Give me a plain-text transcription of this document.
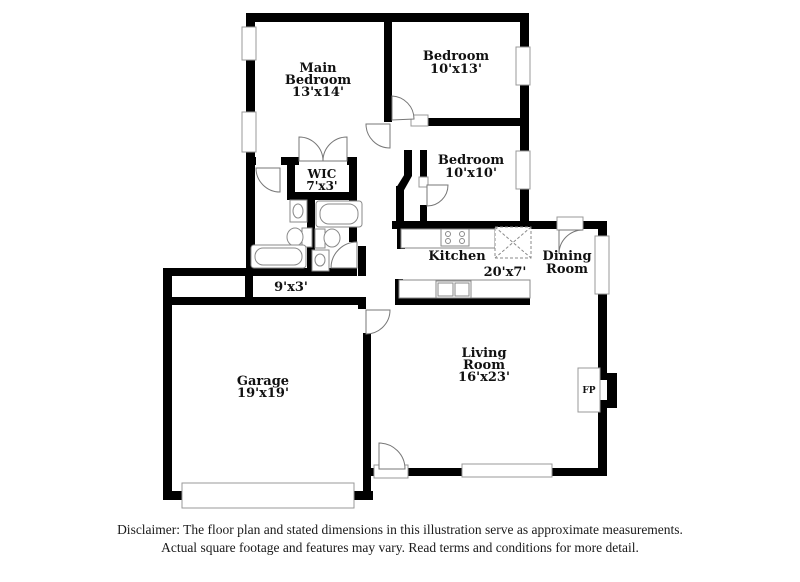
Main
Bedroom
13'x14'
Bedroom
10'x13'
Bedroom
10'x10'
WIC
7'x3'
Kitchen
20'x7'
Dining
Room
Living
Room
16'x23'
Garage
19'x19'
9'x3'
FP
Disclaimer: The floor plan and stated dimensions in this illustration serve as approximate measurements.
Actual square footage and features may vary. Read terms and conditions for more detail.
